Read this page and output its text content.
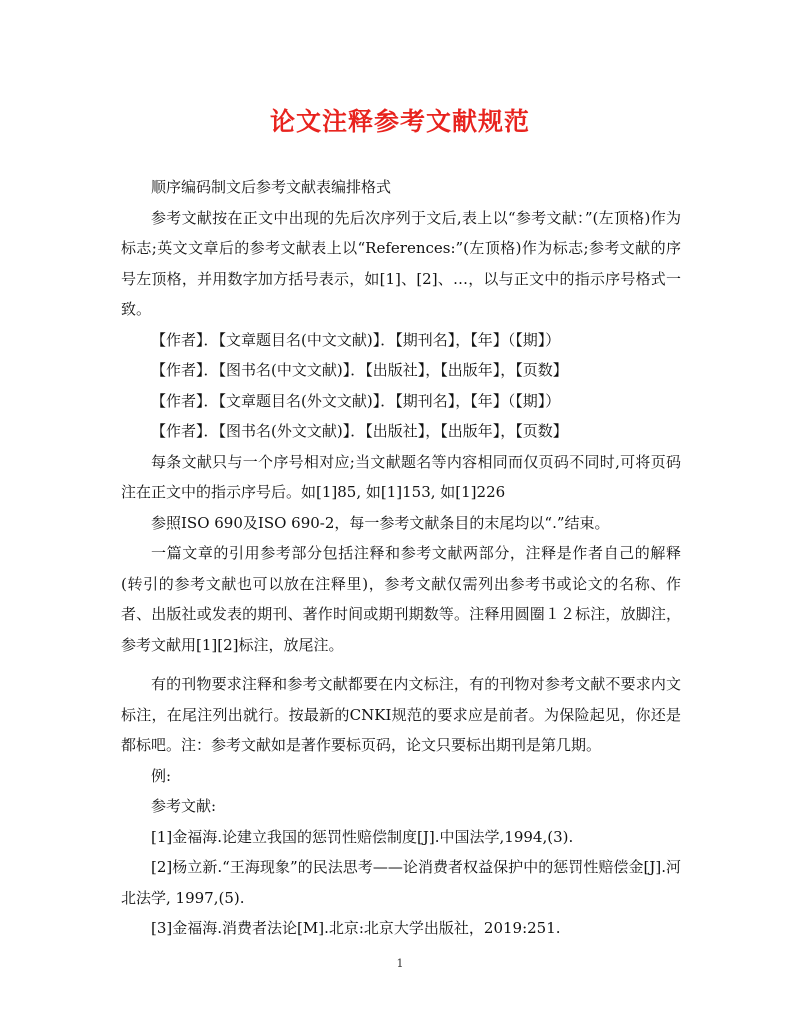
论文注释参考文献规范

顺序编码制文后参考文献表编排格式

参考文献按在正文中出现的先后次序列于文后,表上以“参考文献：”(左顶格)作为标志;英文文章后的参考文献表上以“References:”(左顶格)作为标志;参考文献的序号左顶格，并用数字加方括号表示，如[1]、[2]、…，以与正文中的指示序号格式一致。

【作者】．【文章题目名(中文文献)】．【期刊名】，【年】（【期】）

【作者】．【图书名(中文文献)】．【出版社】，【出版年】，【页数】

【作者】．【文章题目名(外文文献)】．【期刊名】，【年】（【期】）

【作者】．【图书名(外文文献)】．【出版社】，【出版年】，【页数】

每条文献只与一个序号相对应;当文献题名等内容相同而仅页码不同时,可将页码注在正文中的指示序号后。如[1]85, 如[1]153, 如[1]226

参照ISO 690及ISO 690-2，每一参考文献条目的末尾均以“.”结束。

一篇文章的引用参考部分包括注释和参考文献两部分，注释是作者自己的解释(转引的参考文献也可以放在注释里)，参考文献仅需列出参考书或论文的名称、作者、出版社或发表的期刊、著作时间或期刊期数等。注释用圆圈１２标注，放脚注，参考文献用[1][2]标注，放尾注。

有的刊物要求注释和参考文献都要在内文标注，有的刊物对参考文献不要求内文标注，在尾注列出就行。按最新的CNKI规范的要求应是前者。为保险起见，你还是都标吧。注：参考文献如是著作要标页码，论文只要标出期刊是第几期。

例:

参考文献:

[1]金福海.论建立我国的惩罚性赔偿制度[J].中国法学,1994,(3).

[2]杨立新.“王海现象”的民法思考——论消费者权益保护中的惩罚性赔偿金[J].河北法学, 1997,(5).

[3]金福海.消费者法论[M].北京:北京大学出版社，2019:251.

1
